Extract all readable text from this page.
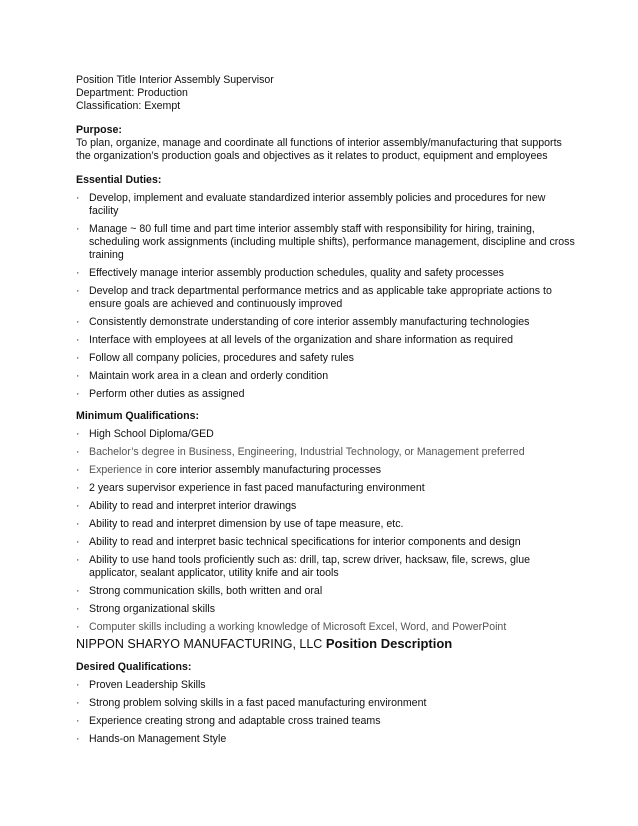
Position Title Interior Assembly Supervisor
Department: Production
Classification: Exempt
Purpose:
To plan, organize, manage and coordinate all functions of interior assembly/manufacturing that supports the organization’s production goals and objectives as it relates to product, equipment and employees
Essential Duties:
· Develop, implement and evaluate standardized interior assembly policies and procedures for new facility
· Manage ~ 80 full time and part time interior assembly staff with responsibility for hiring, training, scheduling work assignments (including multiple shifts), performance management, discipline and cross training
· Effectively manage interior assembly production schedules, quality and safety processes
· Develop and track departmental performance metrics and as applicable take appropriate actions to ensure goals are achieved and continuously improved
· Consistently demonstrate understanding of core interior assembly manufacturing technologies
· Interface with employees at all levels of the organization and share information as required
· Follow all company policies, procedures and safety rules
· Maintain work area in a clean and orderly condition
· Perform other duties as assigned
Minimum Qualifications:
· High School Diploma/GED
· Bachelor’s degree in Business, Engineering, Industrial Technology, or Management preferred
· Experience in core interior assembly manufacturing processes
· 2 years supervisor experience in fast paced manufacturing environment
· Ability to read and interpret interior drawings
· Ability to read and interpret dimension by use of tape measure, etc.
· Ability to read and interpret basic technical specifications for interior components and design
· Ability to use hand tools proficiently such as: drill, tap, screw driver, hacksaw, file, screws, glue applicator, sealant applicator, utility knife and air tools
· Strong communication skills, both written and oral
· Strong organizational skills
· Computer skills including a working knowledge of Microsoft Excel, Word, and PowerPoint
NIPPON SHARYO MANUFACTURING, LLC Position Description
Desired Qualifications:
· Proven Leadership Skills
· Strong problem solving skills in a fast paced manufacturing environment
· Experience creating strong and adaptable cross trained teams
· Hands-on Management Style
